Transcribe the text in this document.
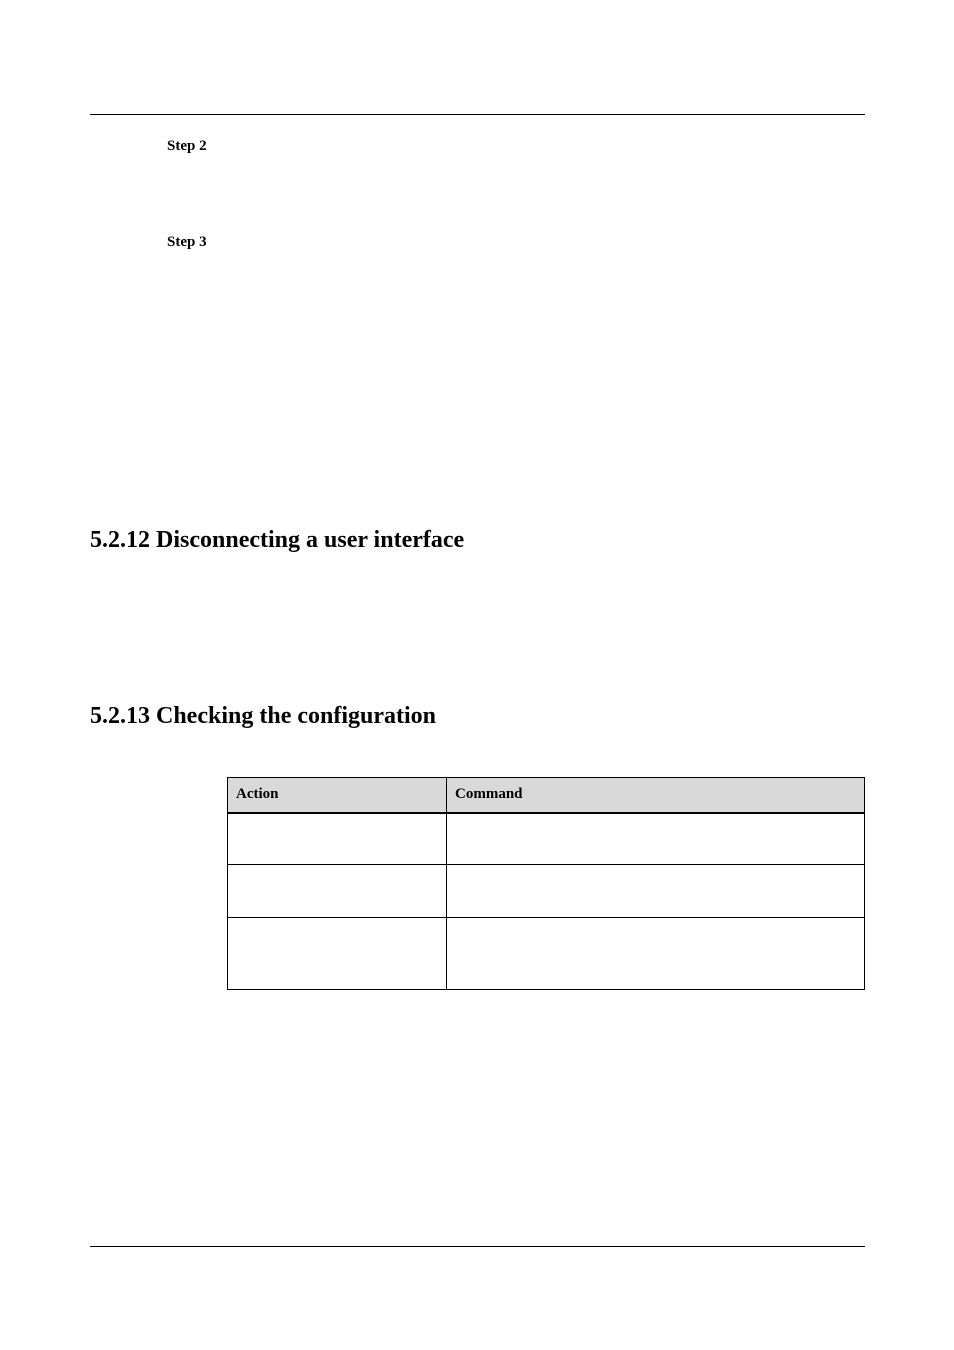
Step 2
Step 3
5.2.12 Disconnecting a user interface
5.2.13 Checking the configuration
Action	Command
